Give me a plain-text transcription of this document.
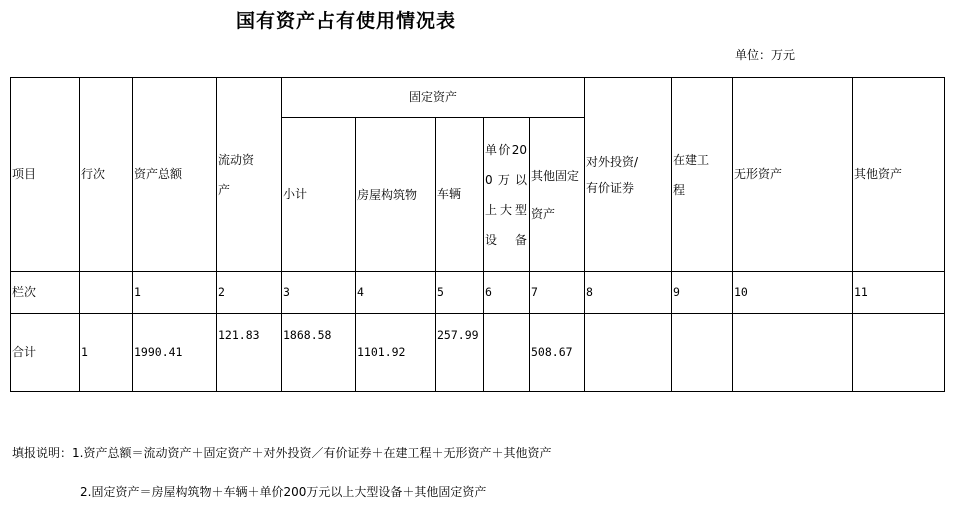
国有资产占有使用情况表
单位：万元
项目	行次	资产总额	流动资产	固定资产					对外投资/有价证券	在建工程	无形资产	其他资产
				小计	房屋构筑物	车辆	单价200万以上大型设备	其他固定资产				

栏次		1	2	3	4	5	6	7	8	9	10	11
合计	1	1990.41	121.83	1868.58	1101.92	257.99		508.67				
填报说明：1.资产总额＝流动资产＋固定资产＋对外投资／有价证券＋在建工程＋无形资产＋其他资产
2.固定资产＝房屋构筑物＋车辆＋单价200万元以上大型设备＋其他固定资产
